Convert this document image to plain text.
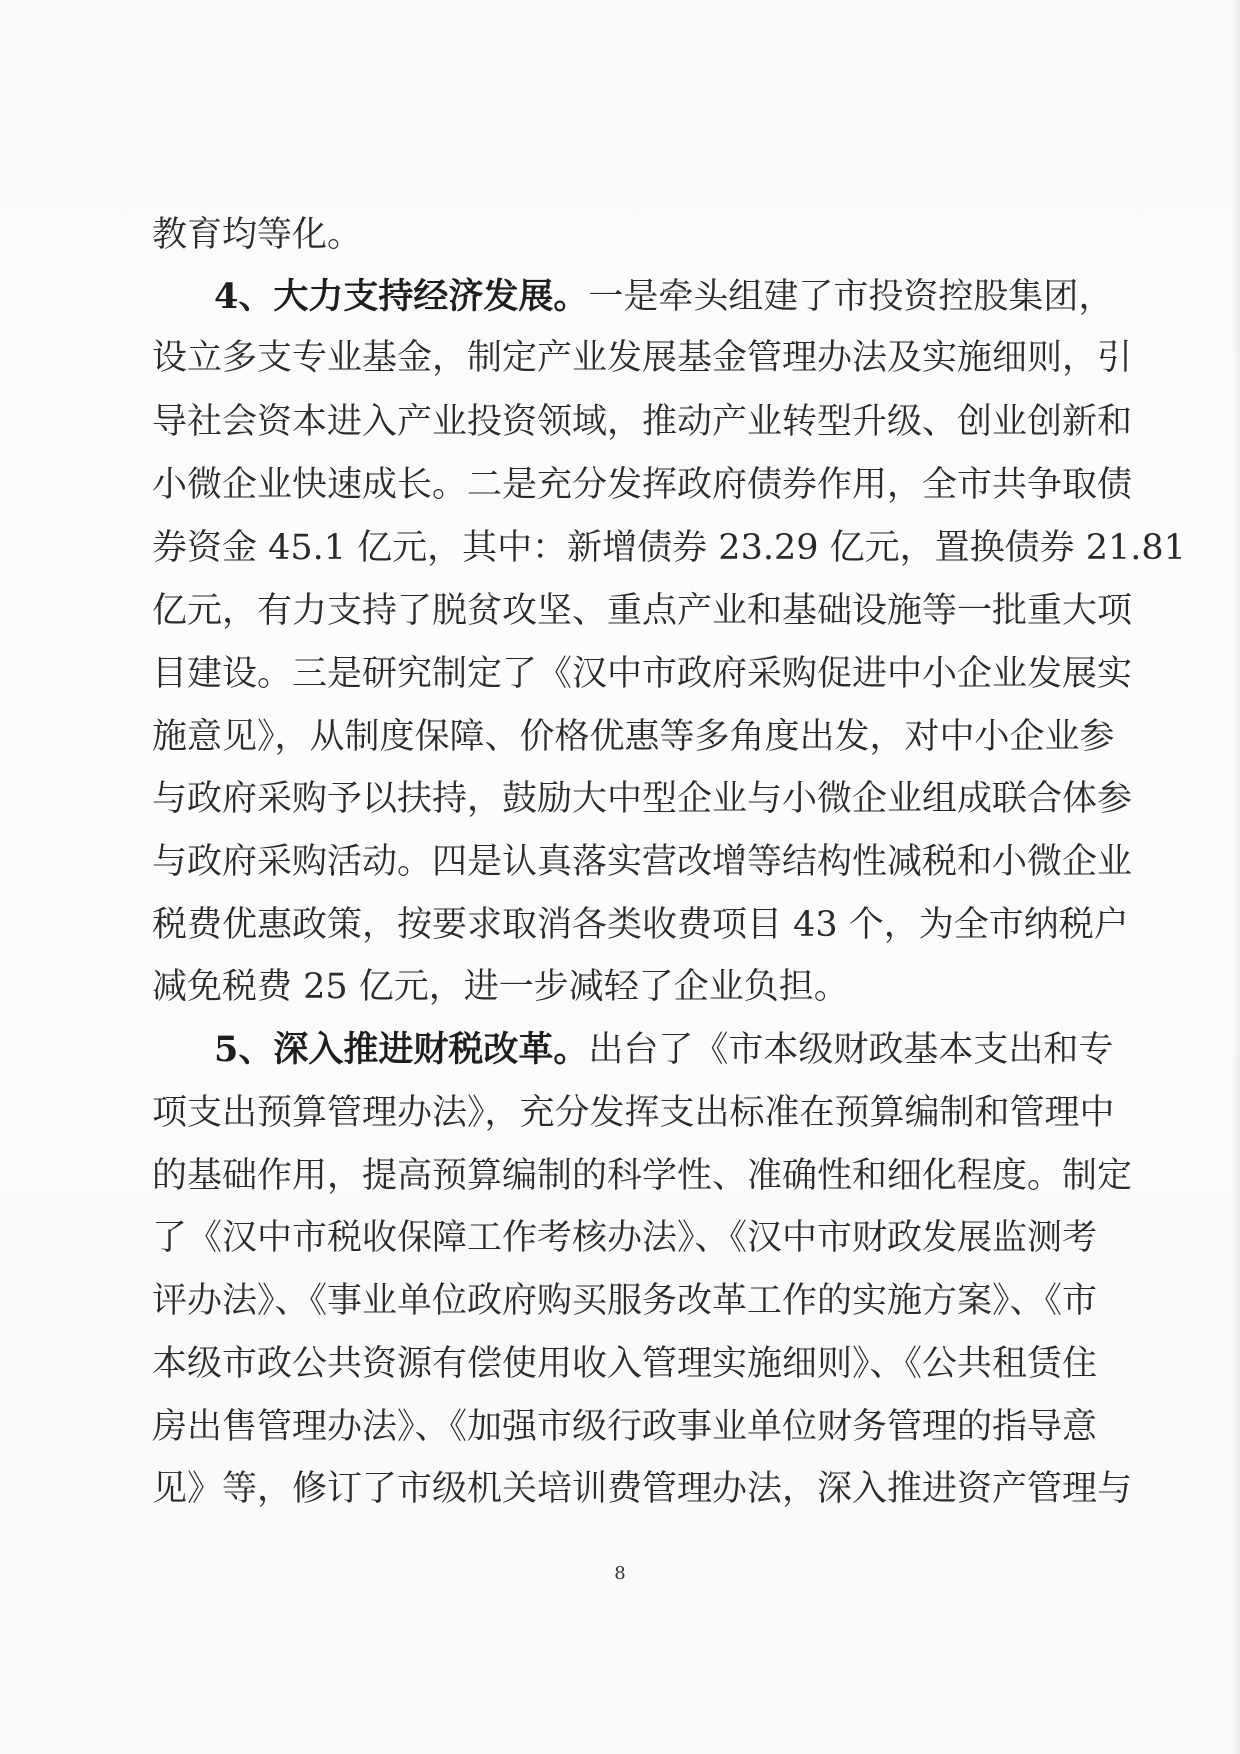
教育均等化。
4、大力支持经济发展。一是牵头组建了市投资控股集团，
设立多支专业基金，制定产业发展基金管理办法及实施细则，引
导社会资本进入产业投资领域，推动产业转型升级、创业创新和
小微企业快速成长。二是充分发挥政府债券作用，全市共争取债
券资金 45.1 亿元，其中：新增债券 23.29 亿元，置换债券 21.81
亿元，有力支持了脱贫攻坚、重点产业和基础设施等一批重大项
目建设。三是研究制定了《汉中市政府采购促进中小企业发展实
施意见》，从制度保障、价格优惠等多角度出发，对中小企业参
与政府采购予以扶持，鼓励大中型企业与小微企业组成联合体参
与政府采购活动。四是认真落实营改增等结构性减税和小微企业
税费优惠政策，按要求取消各类收费项目 43 个，为全市纳税户
减免税费 25 亿元，进一步减轻了企业负担。
5、深入推进财税改革。出台了《市本级财政基本支出和专
项支出预算管理办法》，充分发挥支出标准在预算编制和管理中
的基础作用，提高预算编制的科学性、准确性和细化程度。制定
了《汉中市税收保障工作考核办法》、《汉中市财政发展监测考
评办法》、《事业单位政府购买服务改革工作的实施方案》、《市
本级市政公共资源有偿使用收入管理实施细则》、《公共租赁住
房出售管理办法》、《加强市级行政事业单位财务管理的指导意
见》等，修订了市级机关培训费管理办法，深入推进资产管理与
8
